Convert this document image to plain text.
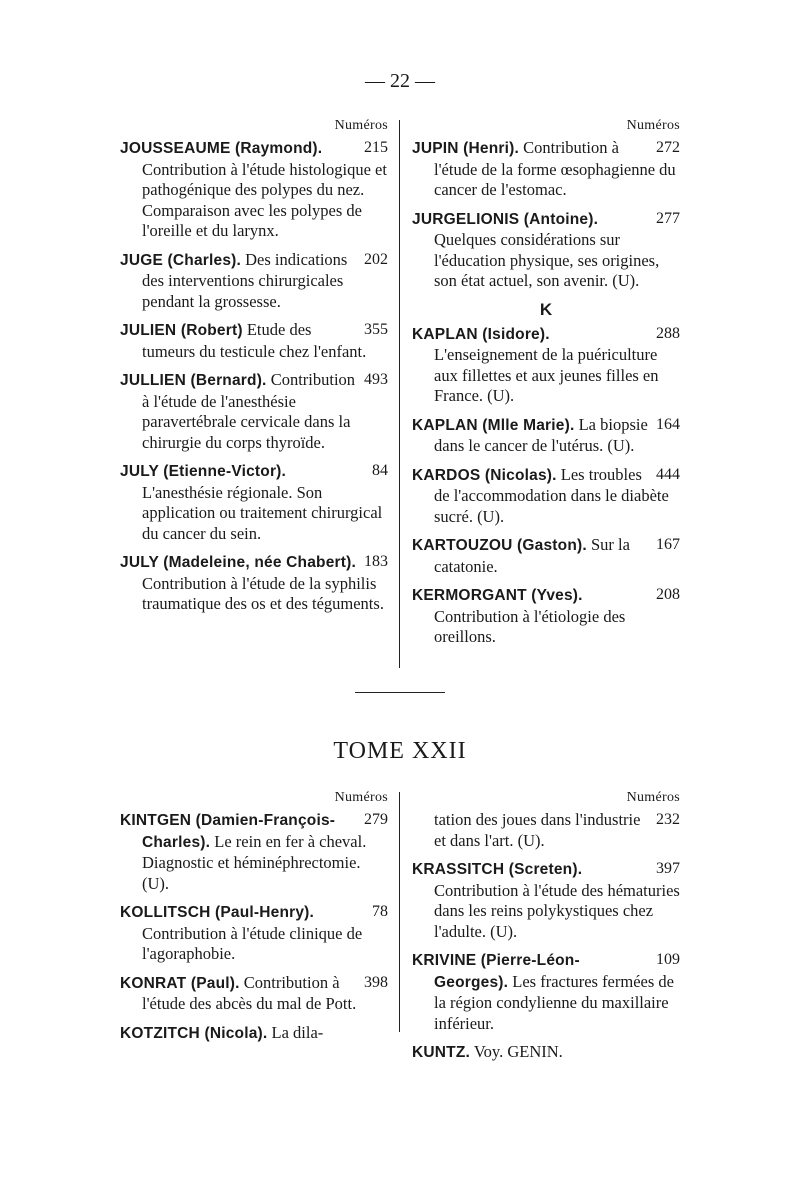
— 22 —
Numéros
215
JOUSSEAUME (Raymond). Contribution à l'étude histologique et pathogénique des polypes du nez. Comparaison avec les polypes de l'oreille et du larynx.
202
JUGE (Charles). Des indications des interventions chirurgicales pendant la grossesse.
355
JULIEN (Robert) Etude des tumeurs du testicule chez l'enfant.
493
JULLIEN (Bernard). Contribution à l'étude de l'anesthésie paravertébrale cervicale dans la chirurgie du corps thyroïde.
84
JULY (Etienne-Victor). L'anesthésie régionale. Son application ou traitement chirurgical du cancer du sein.
183
JULY (Madeleine, née Chabert). Contribution à l'étude de la syphilis traumatique des os et des téguments.
Numéros
272
JUPIN (Henri). Contribution à l'étude de la forme œsophagienne du cancer de l'estomac.
277
JURGELIONIS (Antoine). Quelques considérations sur l'éducation physique, ses origines, son état actuel, son avenir. (U).
K
288
KAPLAN (Isidore). L'enseignement de la puériculture aux fillettes et aux jeunes filles en France. (U).
164
KAPLAN (Mlle Marie). La biopsie dans le cancer de l'utérus. (U).
444
KARDOS (Nicolas). Les troubles de l'accommodation dans le diabète sucré. (U).
167
KARTOUZOU (Gaston). Sur la catatonie.
208
KERMORGANT (Yves). Contribution à l'étiologie des oreillons.
TOME XXII
Numéros
279
KINTGEN (Damien-François-Charles). Le rein en fer à cheval. Diagnostic et héminéphrectomie. (U).
78
KOLLITSCH (Paul-Henry). Contribution à l'étude clinique de l'agoraphobie.
398
KONRAT (Paul). Contribution à l'étude des abcès du mal de Pott.
KOTZITCH (Nicola). La dila-
Numéros
232
tation des joues dans l'industrie et dans l'art. (U).
397
KRASSITCH (Screten). Contribution à l'étude des hématuries dans les reins polykystiques chez l'adulte. (U).
109
KRIVINE (Pierre-Léon-Georges). Les fractures fermées de la région condylienne du maxillaire inférieur.
KUNTZ. Voy. GENIN.
